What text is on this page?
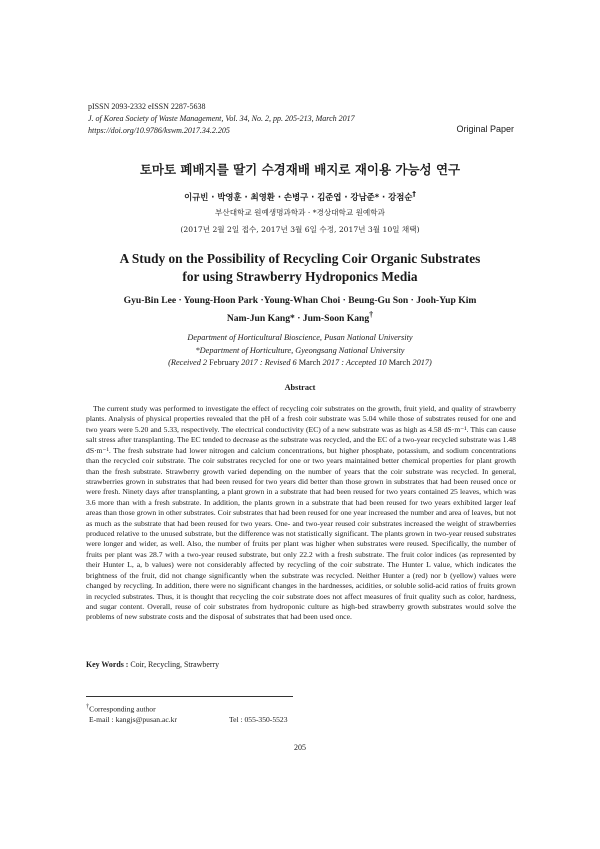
pISSN 2093-2332 eISSN 2287-5638
J. of Korea Society of Waste Management, Vol. 34, No. 2, pp. 205-213, March 2017
https://doi.org/10.9786/kswm.2017.34.2.205	Original Paper
토마토 폐배지를 딸기 수경재배 배지로 재이용 가능성 연구
이규빈 · 박영훈 · 최영환 · 손병구 · 김준엽 · 강남준* · 강점순†
부산대학교 원예생명과학과 · *경상대학교 원예학과
(2017년 2월 2일 접수, 2017년 3월 6일 수정, 2017년 3월 10일 채택)
A Study on the Possibility of Recycling Coir Organic Substrates
for using Strawberry Hydroponics Media
Gyu-Bin Lee · Young-Hoon Park ·Young-Whan Choi · Beung-Gu Son · Jooh-Yup Kim
Nam-Jun Kang* · Jum-Soon Kang†
Department of Horticultural Bioscience, Pusan National University
*Department of Horticulture, Gyeongsang National University
(Received 2 February 2017 : Revised 6 March 2017 : Accepted 10 March 2017)
Abstract

The current study was performed to investigate the effect of recycling coir substrates on the growth, fruit yield, and quality of strawberry plants. Analysis of physical properties revealed that the pH of a fresh coir substrate was 5.04 while those of substrates reused for one and two years were 5.20 and 5.33, respectively. The electrical conductivity (EC) of a new substrate was as high as 4.58 dS·m⁻¹. This can cause salt stress after transplanting. The EC tended to decrease as the substrate was recycled, and the EC of a two-year recycled substrate was 1.48 dS·m⁻¹. The fresh substrate had lower nitrogen and calcium concentrations, but higher phosphate, potassium, and sodium concentrations than the recycled coir substrate. The coir substrates recycled for one or two years maintained better chemical properties for plant growth than the fresh substrate. Strawberry growth varied depending on the number of years that the coir substrate was recycled. In general, strawberries grown in substrates that had been reused for two years did better than those grown in substrates that had been reused once or were fresh. Ninety days after transplanting, a plant grown in a substrate that had been reused for two years contained 25 leaves, which was 3.6 more than with a fresh substrate. In addition, the plants grown in a substrate that had been reused for two years exhibited larger leaf areas than those grown in other substrates. Coir substrates that had been reused for one year increased the number and area of leaves, but not as much as the substrate that had been reused for two years. One- and two-year reused coir substrates increased the weight of strawberries produced relative to the unused substrate, but the difference was not statistically significant. The plants grown in two-year reused substrates were longer and wider, as well. Also, the number of fruits per plant was higher when substrates were reused. Specifically, the number of fruits per plant was 28.7 with a two-year reused substrate, but only 22.2 with a fresh substrate. The fruit color indices (as represented by their Hunter L, a, b values) were not considerably affected by recycling of the coir substrate. The Hunter L value, which indicates the brightness of the fruit, did not change significantly when the substrate was recycled. Neither Hunter a (red) nor b (yellow) values were changed by recycling. In addition, there were no significant changes in the hardnesses, acidities, or soluble solid-acid ratios of fruits grown in recycled substrates. Thus, it is thought that recycling the coir substrate does not affect measures of fruit quality such as color, hardness, and sugar content. Overall, reuse of coir substrates from hydroponic culture as high-bed strawberry growth substrates would solve the problems of new substrate costs and the disposal of substrates that had been used once.

Key Words : Coir, Recycling, Strawberry
†Corresponding author
E-mail : kangjs@pusan.ac.kr	Tel : 055-350-5523
205
